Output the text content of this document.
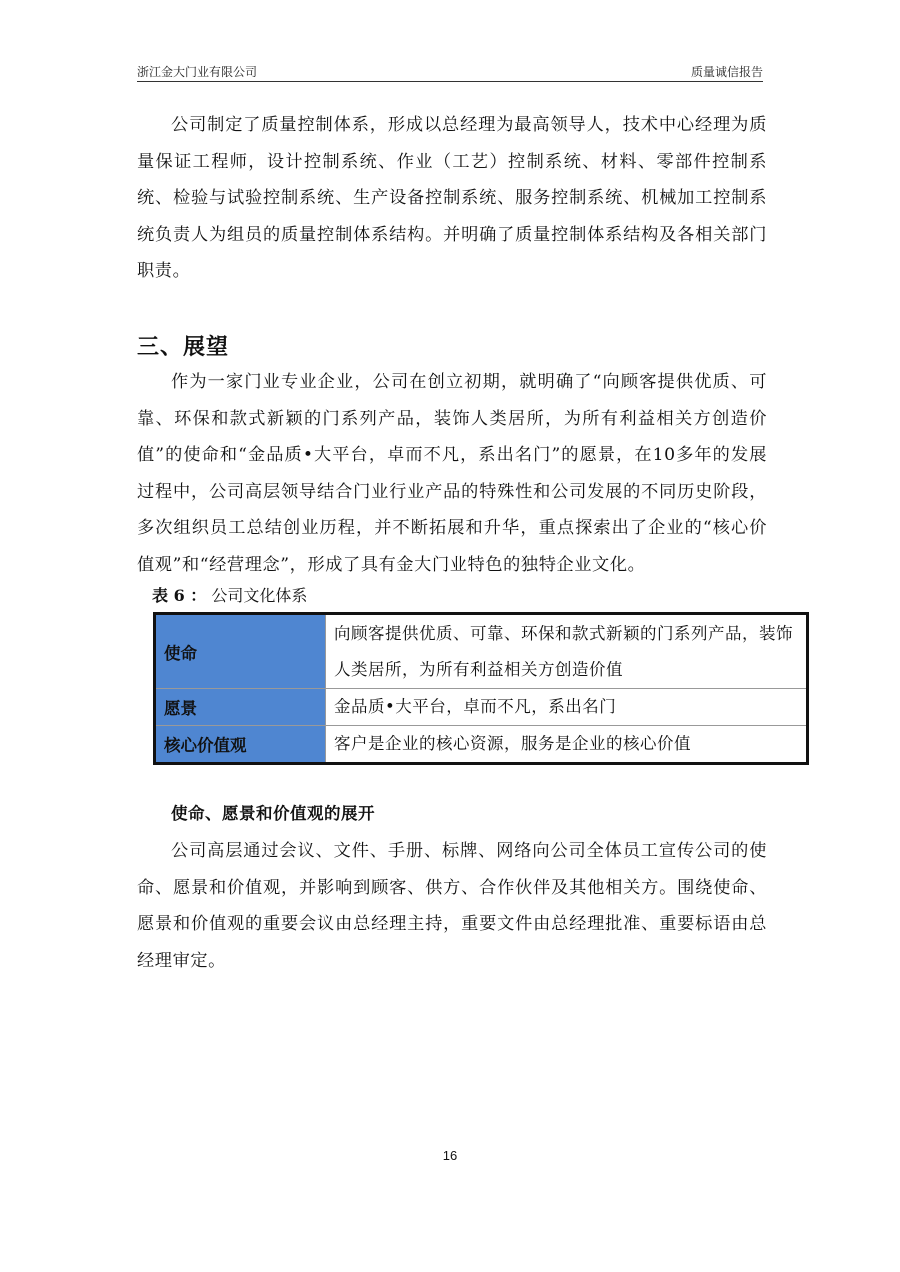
浙江金大门业有限公司	质量诚信报告

公司制定了质量控制体系，形成以总经理为最高领导人，技术中心经理为质量保证工程师，设计控制系统、作业（工艺）控制系统、材料、零部件控制系统、检验与试验控制系统、生产设备控制系统、服务控制系统、机械加工控制系统负责人为组员的质量控制体系结构。并明确了质量控制体系结构及各相关部门职责。

三、展望

作为一家门业专业企业，公司在创立初期，就明确了“向顾客提供优质、可靠、环保和款式新颖的门系列产品，装饰人类居所，为所有利益相关方创造价值”的使命和“金品质•大平台，卓而不凡，系出名门”的愿景，在10多年的发展过程中，公司高层领导结合门业行业产品的特殊性和公司发展的不同历史阶段，多次组织员工总结创业历程，并不断拓展和升华，重点探索出了企业的“核心价值观”和“经营理念”，形成了具有金大门业特色的独特企业文化。

表 6 ： 公司文化体系

使命	向顾客提供优质、可靠、环保和款式新颖的门系列产品，装饰人类居所，为所有利益相关方创造价值
愿景	金品质•大平台，卓而不凡，系出名门
核心价值观	客户是企业的核心资源，服务是企业的核心价值

使命、愿景和价值观的展开

公司高层通过会议、文件、手册、标牌、网络向公司全体员工宣传公司的使命、愿景和价值观，并影响到顾客、供方、合作伙伴及其他相关方。围绕使命、愿景和价值观的重要会议由总经理主持，重要文件由总经理批准、重要标语由总经理审定。

16
